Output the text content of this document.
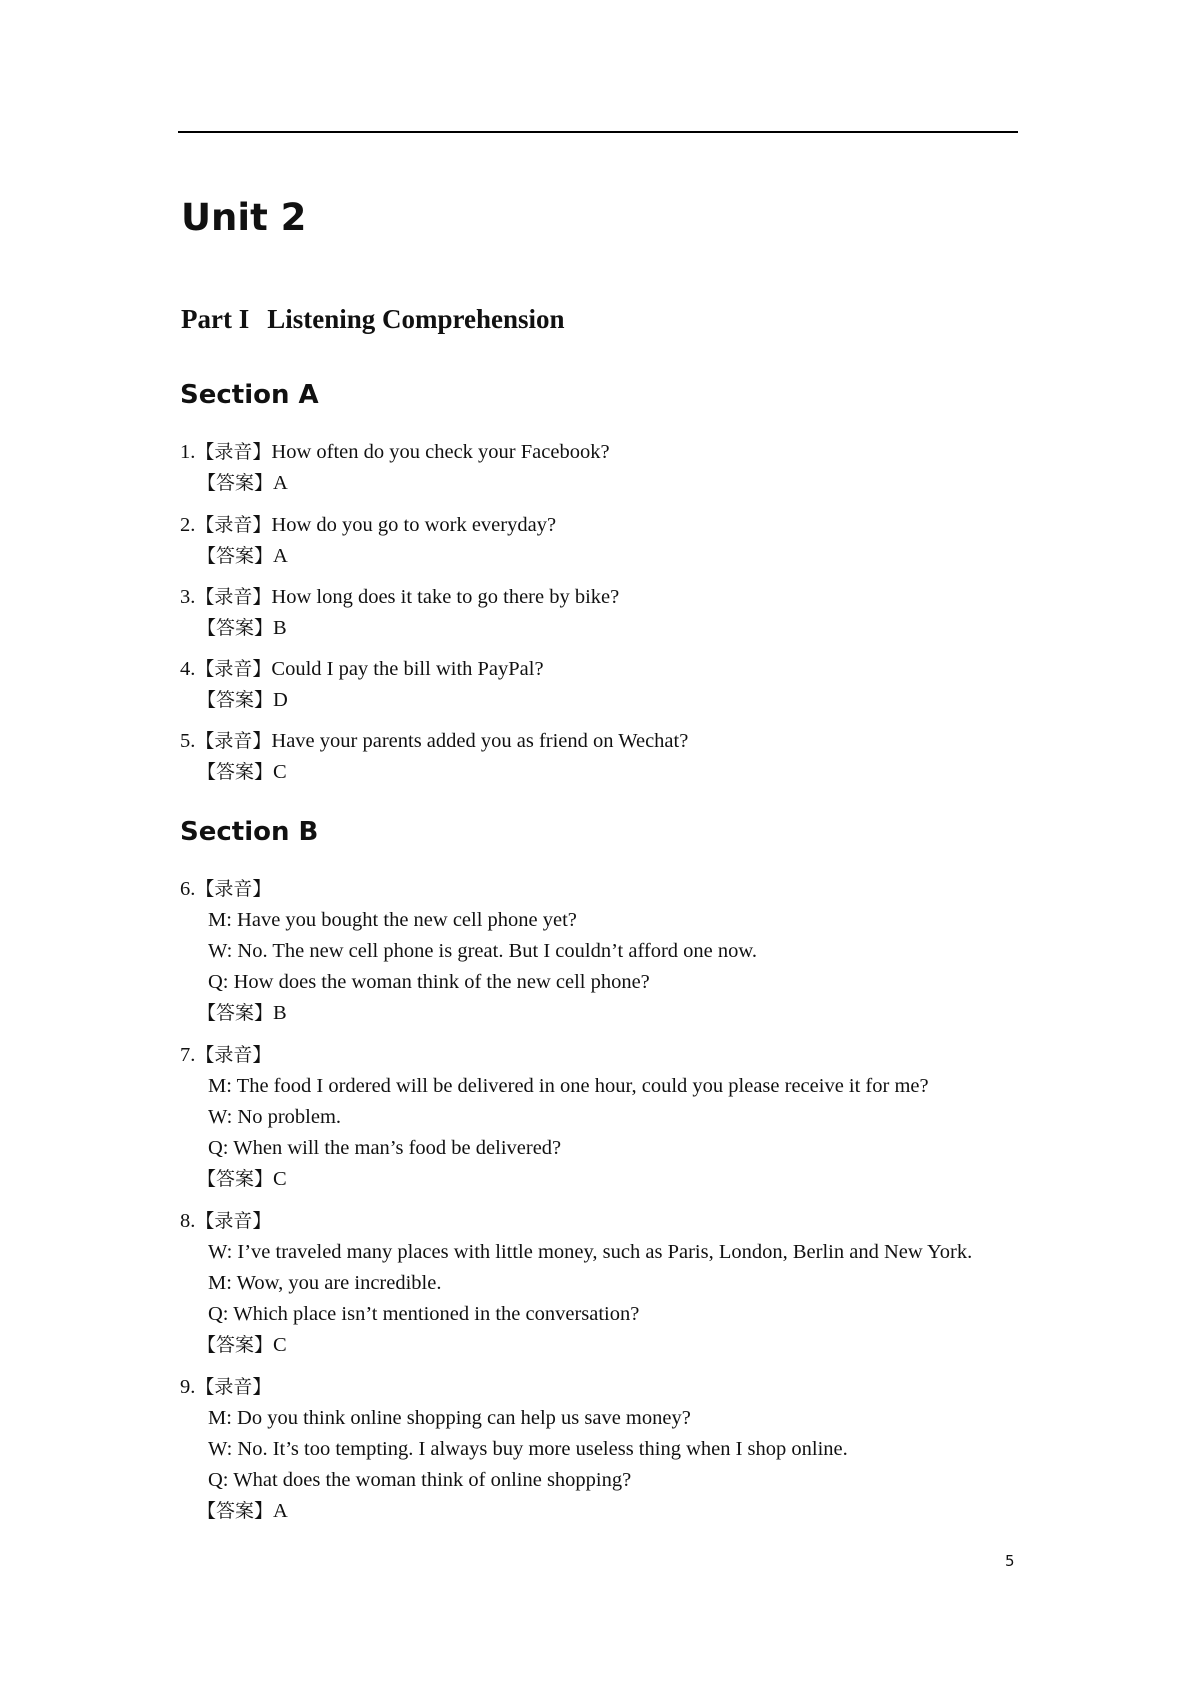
Unit 2
Part I Listening Comprehension
Section A
1.【录音】How often do you check your Facebook?
【答案】A
2.【录音】How do you go to work everyday?
【答案】A
3.【录音】How long does it take to go there by bike?
【答案】B
4.【录音】Could I pay the bill with PayPal?
【答案】D
5.【录音】Have your parents added you as friend on Wechat?
【答案】C
Section B
6.【录音】
M: Have you bought the new cell phone yet?
W: No. The new cell phone is great. But I couldn’t afford one now.
Q: How does the woman think of the new cell phone?
【答案】B
7.【录音】
M: The food I ordered will be delivered in one hour, could you please receive it for me?
W: No problem.
Q: When will the man’s food be delivered?
【答案】C
8.【录音】
W: I’ve traveled many places with little money, such as Paris, London, Berlin and New York.
M: Wow, you are incredible.
Q: Which place isn’t mentioned in the conversation?
【答案】C
9.【录音】
M: Do you think online shopping can help us save money?
W: No. It’s too tempting. I always buy more useless thing when I shop online.
Q: What does the woman think of online shopping?
【答案】A
5
